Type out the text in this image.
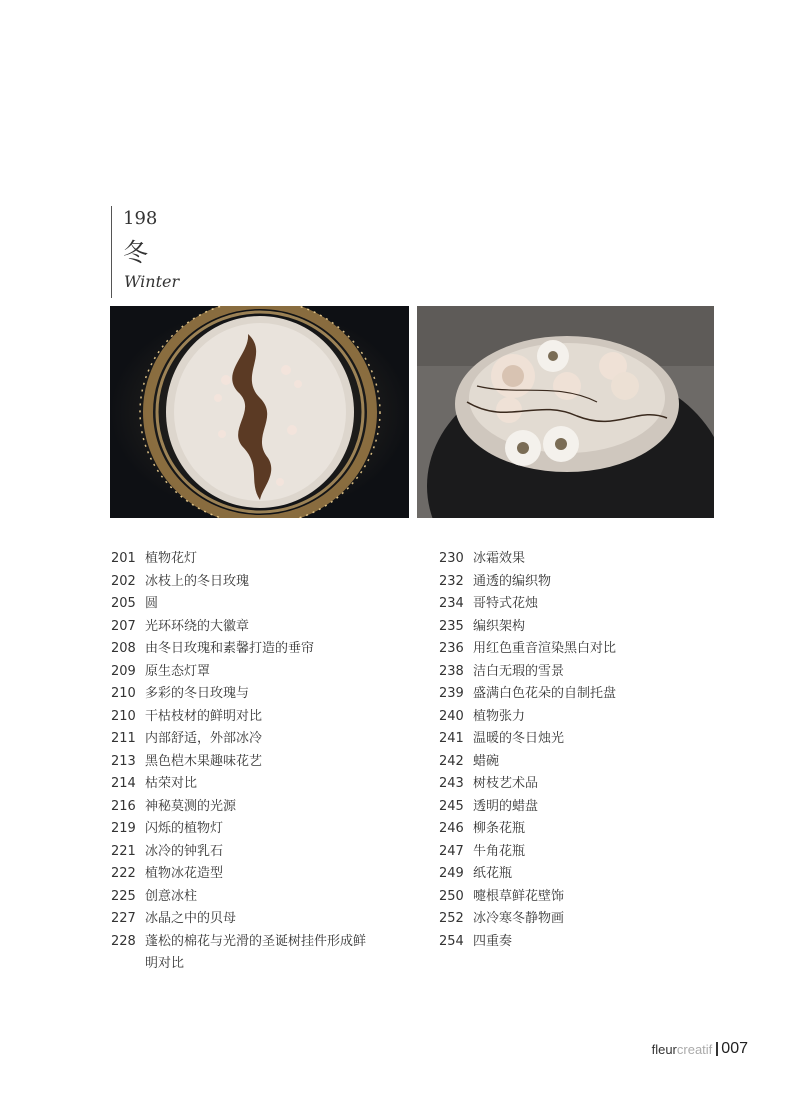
198
冬
Winter
201 植物花灯
202 冰枝上的冬日玫瑰
205 圆
207 光环环绕的大徽章
208 由冬日玫瑰和素馨打造的垂帘
209 原生态灯罩
210 多彩的冬日玫瑰与
210 干枯枝材的鲜明对比
211 内部舒适，外部冰冷
213 黑色桤木果趣味花艺
214 枯荣对比
216 神秘莫测的光源
219 闪烁的植物灯
221 冰冷的钟乳石
222 植物冰花造型
225 创意冰柱
227 冰晶之中的贝母
228 蓬松的棉花与光滑的圣诞树挂件形成鲜
明对比
230 冰霜效果
232 通透的编织物
234 哥特式花烛
235 编织架构
236 用红色重音渲染黑白对比
238 洁白无瑕的雪景
239 盛满白色花朵的自制托盘
240 植物张力
241 温暖的冬日烛光
242 蜡碗
243 树枝艺术品
245 透明的蜡盘
246 柳条花瓶
247 牛角花瓶
249 纸花瓶
250 嚏根草鲜花壁饰
252 冰冷寒冬静物画
254 四重奏
fleur creatif 007
